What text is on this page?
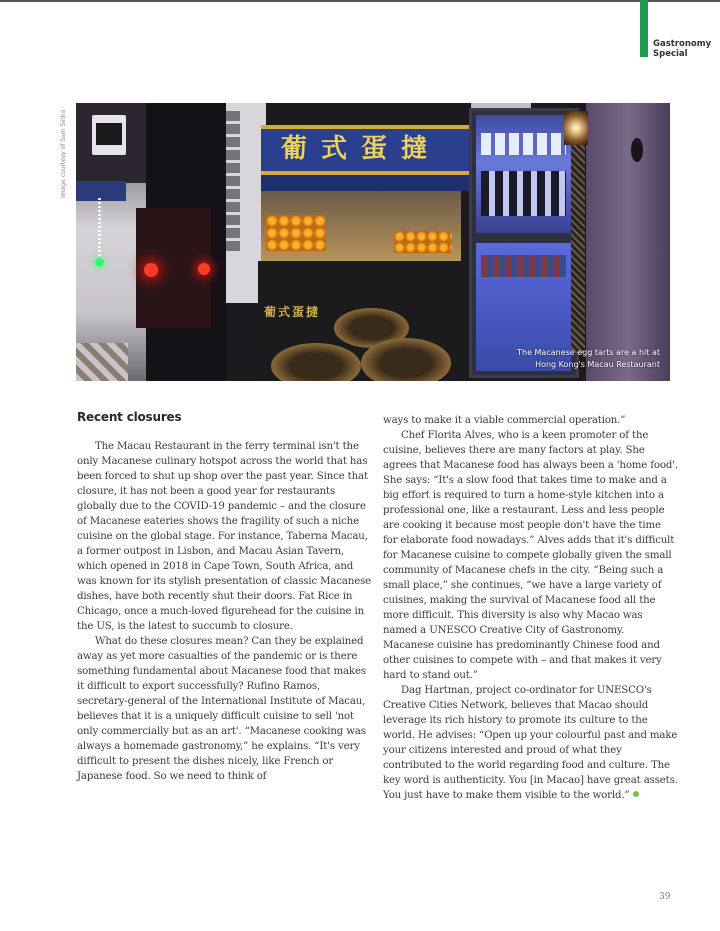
Gastronomy
Special
Image courtesy of Sam Sinha	葡式蛋撻
葡式蛋撻
The Macanese egg tarts are a hit at
Hong Kong's Macau Restaurant
Recent closures

The Macau Restaurant in the ferry terminal isn't the only Macanese culinary hotspot across the world that has been forced to shut up shop over the past year. Since that closure, it has not been a good year for restaurants globally due to the COVID-19 pandemic – and the closure of Macanese eateries shows the fragility of such a niche cuisine on the global stage. For instance, Taberna Macau, a former outpost in Lisbon, and Macau Asian Tavern, which opened in 2018 in Cape Town, South Africa, and was known for its stylish presentation of classic Macanese dishes, have both recently shut their doors. Fat Rice in Chicago, once a much-loved figurehead for the cuisine in the US, is the latest to succumb to closure.

What do these closures mean? Can they be explained away as yet more casualties of the pandemic or is there something fundamental about Macanese food that makes it difficult to export successfully? Rufino Ramos, secretary-general of the International Institute of Macau, believes that it is a uniquely difficult cuisine to sell 'not only commercially but as an art'. “Macanese cooking was always a homemade gastronomy,” he explains. “It's very difficult to present the dishes nicely, like French or Japanese food. So we need to think of

ways to make it a viable commercial operation.”

Chef Florita Alves, who is a keen promoter of the cuisine, believes there are many factors at play. She agrees that Macanese food has always been a 'home food'. She says: “It's a slow food that takes time to make and a big effort is required to turn a home-style kitchen into a professional one, like a restaurant. Less and less people are cooking it because most people don't have the time for elaborate food nowadays.” Alves adds that it's difficult for Macanese cuisine to compete globally given the small community of Macanese chefs in the city. “Being such a small place,” she continues, “we have a large variety of cuisines, making the survival of Macanese food all the more difficult. This diversity is also why Macao was named a UNESCO Creative City of Gastronomy. Macanese cuisine has predominantly Chinese food and other cuisines to compete with – and that makes it very hard to stand out.”

Dag Hartman, project co-ordinator for UNESCO's Creative Cities Network, believes that Macao should leverage its rich history to promote its culture to the world. He advises: “Open up your colourful past and make your citizens interested and proud of what they contributed to the world regarding food and culture. The key word is authenticity. You [in Macao] have great assets. You just have to make them visible to the world.”

39
